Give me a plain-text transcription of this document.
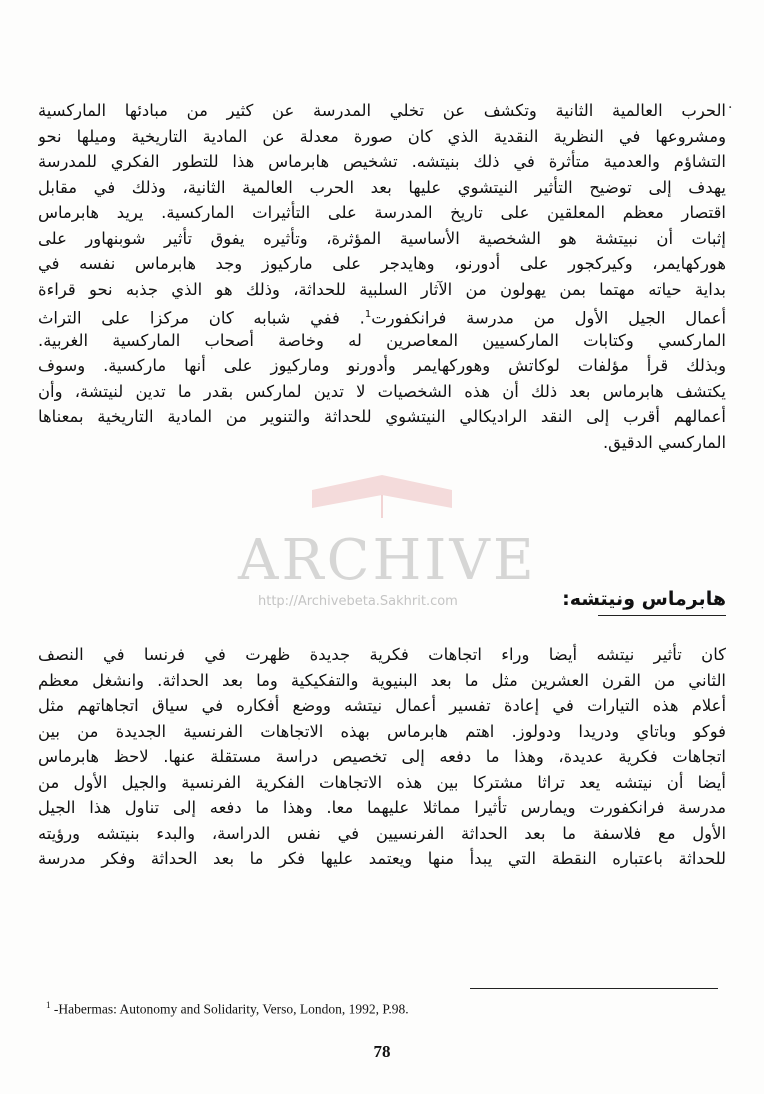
·
الحرب العالمية الثانية وتكشف عن تخلي المدرسة عن كثير من مبادئها الماركسية
ومشروعها في النظرية النقدية الذي كان صورة معدلة عن المادية التاريخية وميلها نحو
التشاؤم والعدمية متأثرة في ذلك بنيتشه. تشخيص هابرماس هذا للتطور الفكري للمدرسة
يهدف إلى توضيح التأثير النيتشوي عليها بعد الحرب العالمية الثانية، وذلك في مقابل
اقتصار معظم المعلقين على تاريخ المدرسة على التأثيرات الماركسية. يريد هابرماس
إثبات أن نبيتشة هو الشخصية الأساسية المؤثرة، وتأثيره يفوق تأثير شوبنهاور على
هوركهايمر، وكيركجور على أدورنو، وهايدجر على ماركيوز وجد هابرماس نفسه في
بداية حياته مهتما بمن يهولون من الآثار السلبية للحداثة، وذلك هو الذي جذبه نحو قراءة
أعمال الجيل الأول من مدرسة فرانكفورت$^1$. ففي شبابه كان مركزا على التراث
الماركسي وكتابات الماركسيين المعاصرين له وخاصة أصحاب الماركسية الغربية.
وبذلك قرأ مؤلفات لوكاتش وهوركهايمر وأدورنو وماركيوز على أنها ماركسية. وسوف
يكتشف هابرماس بعد ذلك أن هذه الشخصيات لا تدين لماركس بقدر ما تدين لنيتشة، وأن
أعمالهم أقرب إلى النقد الراديكالي النيتشوي للحداثة والتنوير من المادية التاريخية بمعناها
الماركسي الدقيق.
ARCHIVE
http://Archivebeta.Sakhrit.com	هابرماس ونيتشه:
كان تأثير نيتشه أيضا وراء اتجاهات فكرية جديدة ظهرت في فرنسا في النصف
الثاني من القرن العشرين مثل ما بعد البنيوية والتفكيكية وما بعد الحداثة. وانشغل معظم
أعلام هذه التيارات في إعادة تفسير أعمال نيتشه ووضع أفكاره في سياق اتجاهاتهم مثل
فوكو وباتاي ودريدا ودولوز. اهتم هابرماس بهذه الاتجاهات الفرنسية الجديدة من بين
اتجاهات فكرية عديدة، وهذا ما دفعه إلى تخصيص دراسة مستقلة عنها. لاحظ هابرماس
أيضا أن نيتشه يعد تراثا مشتركا بين هذه الاتجاهات الفكرية الفرنسية والجيل الأول من
مدرسة فرانكفورت ويمارس تأثيرا مماثلا عليهما معا. وهذا ما دفعه إلى تناول هذا الجيل
الأول مع فلاسفة ما بعد الحداثة الفرنسيين في نفس الدراسة، والبدء بنيتشه ورؤيته
للحداثة باعتباره النقطة التي يبدأ منها ويعتمد عليها فكر ما بعد الحداثة وفكر مدرسة
$^1$ -Habermas: Autonomy and Solidarity, Verso, London, 1992, P.98.
78
